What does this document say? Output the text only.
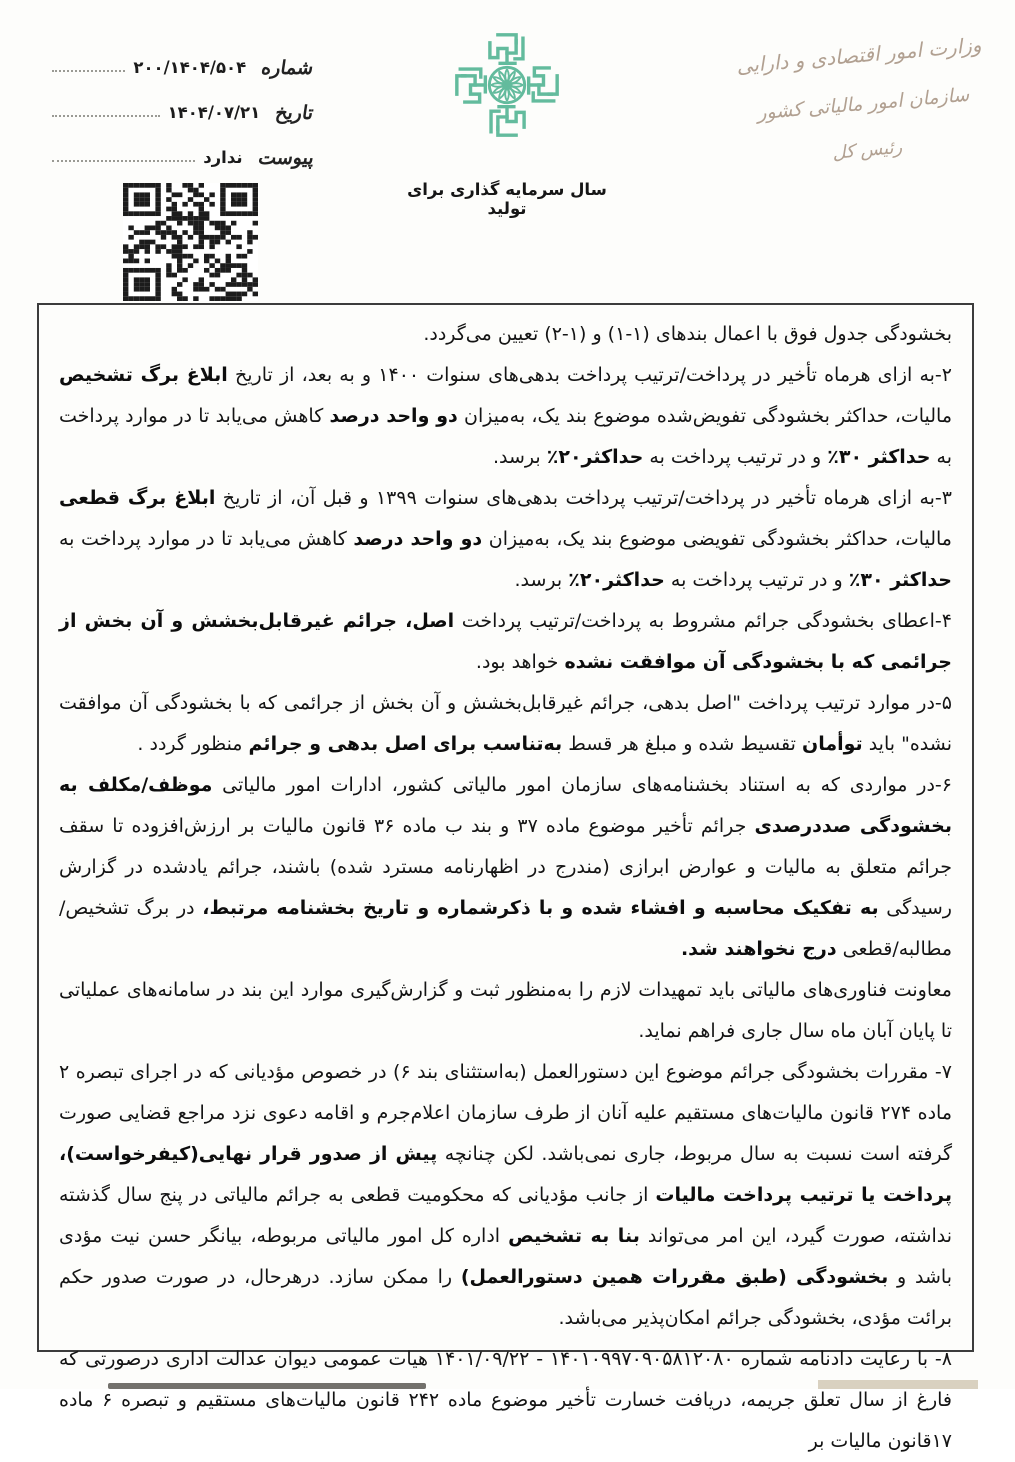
شماره
۲۰۰/۱۴۰۴/۵۰۴
تاریخ
۱۴۰۴/۰۷/۲۱
پیوست
ندارد
سال سرمایه گذاری برای تولید
وزارت امور اقتصادی و دارایی
سازمان امور مالیاتی کشور
رئیس کل

بخشودگی جدول فوق با اعمال بندهای (۱-۱) و (۱-۲) تعیین می‌گردد.

۲-به ازای هرماه تأخیر در پرداخت/ترتیب پرداخت بدهی‌های سنوات ۱۴۰۰ و به بعد، از تاریخ ابلاغ برگ تشخیص مالیات، حداکثر بخشودگی تفویض‌شده موضوع بند یک، به‌میزان دو واحد درصد کاهش می‌یابد تا در موارد پرداخت به حداکثر ۳۰٪ و در ترتیب پرداخت به حداکثر۲۰٪ برسد.

۳-به ازای هرماه تأخیر در پرداخت/ترتیب پرداخت بدهی‌های سنوات ۱۳۹۹ و قبل آن، از تاریخ ابلاغ برگ قطعی مالیات، حداکثر بخشودگی تفویضی موضوع بند یک، به‌میزان دو واحد درصد کاهش می‌یابد تا در موارد پرداخت به حداکثر ۳۰٪ و در ترتیب پرداخت به حداکثر۲۰٪ برسد.

۴-اعطای بخشودگی جرائم مشروط به پرداخت/ترتیب پرداخت اصل، جرائم غیرقابل‌بخشش و آن بخش از جرائمی که با بخشودگی آن موافقت نشده خواهد بود.

۵-در موارد ترتیب پرداخت "اصل بدهی، جرائم غیرقابل‌بخشش و آن بخش از جرائمی که با بخشودگی آن موافقت نشده" باید توأمان تقسیط شده و مبلغ هر قسط به‌تناسب برای اصل بدهی و جرائم منظور گردد .

۶-در مواردی که به استناد بخشنامه‌های سازمان امور مالیاتی کشور، ادارات امور مالیاتی موظف/مکلف به بخشودگی صددرصدی جرائم تأخیر موضوع ماده ۳۷ و بند ب ماده ۳۶ قانون مالیات بر ارزش‌افزوده تا سقف جرائم متعلق به مالیات و عوارض ابرازی (مندرج در اظهارنامه مسترد شده) باشند، جرائم یادشده در گزارش رسیدگی به تفکیک محاسبه و افشاء شده و با ذکرشماره و تاریخ بخشنامه مرتبط، در برگ تشخیص/مطالبه/قطعی درج نخواهند شد.

معاونت فناوری‌های مالیاتی باید تمهیدات لازم را به‌منظور ثبت و گزارش‌گیری موارد این بند در سامانه‌های عملیاتی تا پایان آبان ماه سال جاری فراهم نماید.

۷- مقررات بخشودگی جرائم موضوع این دستورالعمل (به‌استثنای بند ۶) در خصوص مؤدیانی که در اجرای تبصره ۲ ماده ۲۷۴ قانون مالیات‌های مستقیم علیه آنان از طرف سازمان اعلام‌جرم و اقامه دعوی نزد مراجع قضایی صورت گرفته است نسبت به سال مربوط، جاری نمی‌باشد. لکن چنانچه پیش از صدور قرار نهایی(کیفرخواست)، پرداخت یا ترتیب پرداخت مالیات از جانب مؤدیانی که محکومیت قطعی به جرائم مالیاتی در پنج سال گذشته نداشته، صورت گیرد، این امر می‌تواند بنا به تشخیص اداره کل امور مالیاتی مربوطه، بیانگر حسن نیت مؤدی باشد و بخشودگی (طبق مقررات همین دستورالعمل) را ممکن سازد. درهرحال، در صورت صدور حکم برائت مؤدی، بخشودگی جرائم امکان‌پذیر می‌باشد.

۸- با رعایت دادنامه شماره ۱۴۰۱۰۹۹۷۰۹۰۵۸۱۲۰۸۰ - ۱۴۰۱/۰۹/۲۲ هیات عمومی دیوان عدالت اداری درصورتی که فارغ از سال تعلق جریمه، دریافت خسارت تأخیر موضوع ماده ۲۴۲ قانون مالیات‌های مستقیم و تبصره ۶ ماده ۱۷قانون مالیات بر
